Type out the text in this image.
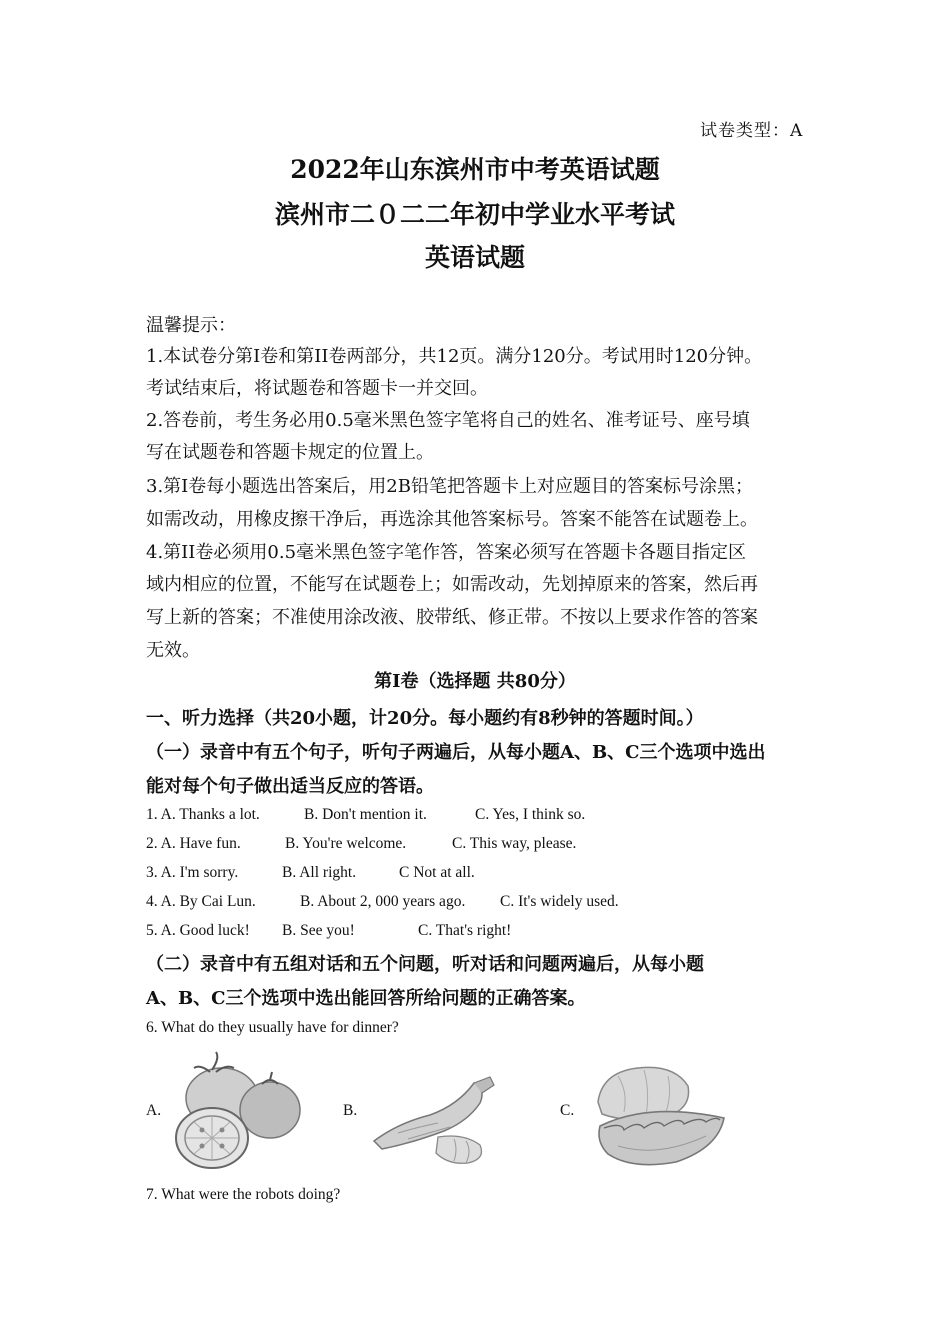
试卷类型：A
2022年山东滨州市中考英语试题
滨州市二０二二年初中学业水平考试
英语试题
温馨提示：
1.本试卷分第Ⅰ卷和第II卷两部分，共12页。满分120分。考试用时120分钟。
考试结束后，将试题卷和答题卡一并交回。
2.答卷前，考生务必用0.5毫米黑色签字笔将自己的姓名、准考证号、座号填
写在试题卷和答题卡规定的位置上。
3.第Ⅰ卷每小题选出答案后，用2B铅笔把答题卡上对应题目的答案标号涂黑；
如需改动，用橡皮擦干净后，再选涂其他答案标号。答案不能答在试题卷上。
4.第II卷必须用0.5毫米黑色签字笔作答，答案必须写在答题卡各题目指定区
域内相应的位置，不能写在试题卷上；如需改动，先划掉原来的答案，然后再
写上新的答案；不准使用涂改液、胶带纸、修正带。不按以上要求作答的答案
无效。
第Ⅰ卷（选择题 共80分）
一、听力选择（共20小题，计20分。每小题约有8秒钟的答题时间。）
（一）录音中有五个句子，听句子两遍后，从每小题A、B、C三个选项中选出
能对每个句子做出适当反应的答语。
1. A. Thanks a lot.	B. Don't mention it.	C. Yes, I think so.
2. A. Have fun.	B. You're welcome.	C. This way, please.
3. A. I'm sorry.	B. All right.	C Not at all.
4. A. By Cai Lun.	B. About 2, 000 years ago. C. It's widely used.
5. A. Good luck! B. See you!	C. That's right!
（二）录音中有五组对话和五个问题，听对话和问题两遍后，从每小题
A、B、C三个选项中选出能回答所给问题的正确答案。
6. What do they usually have for dinner?
A.	B.	C.
7. What were the robots doing?
